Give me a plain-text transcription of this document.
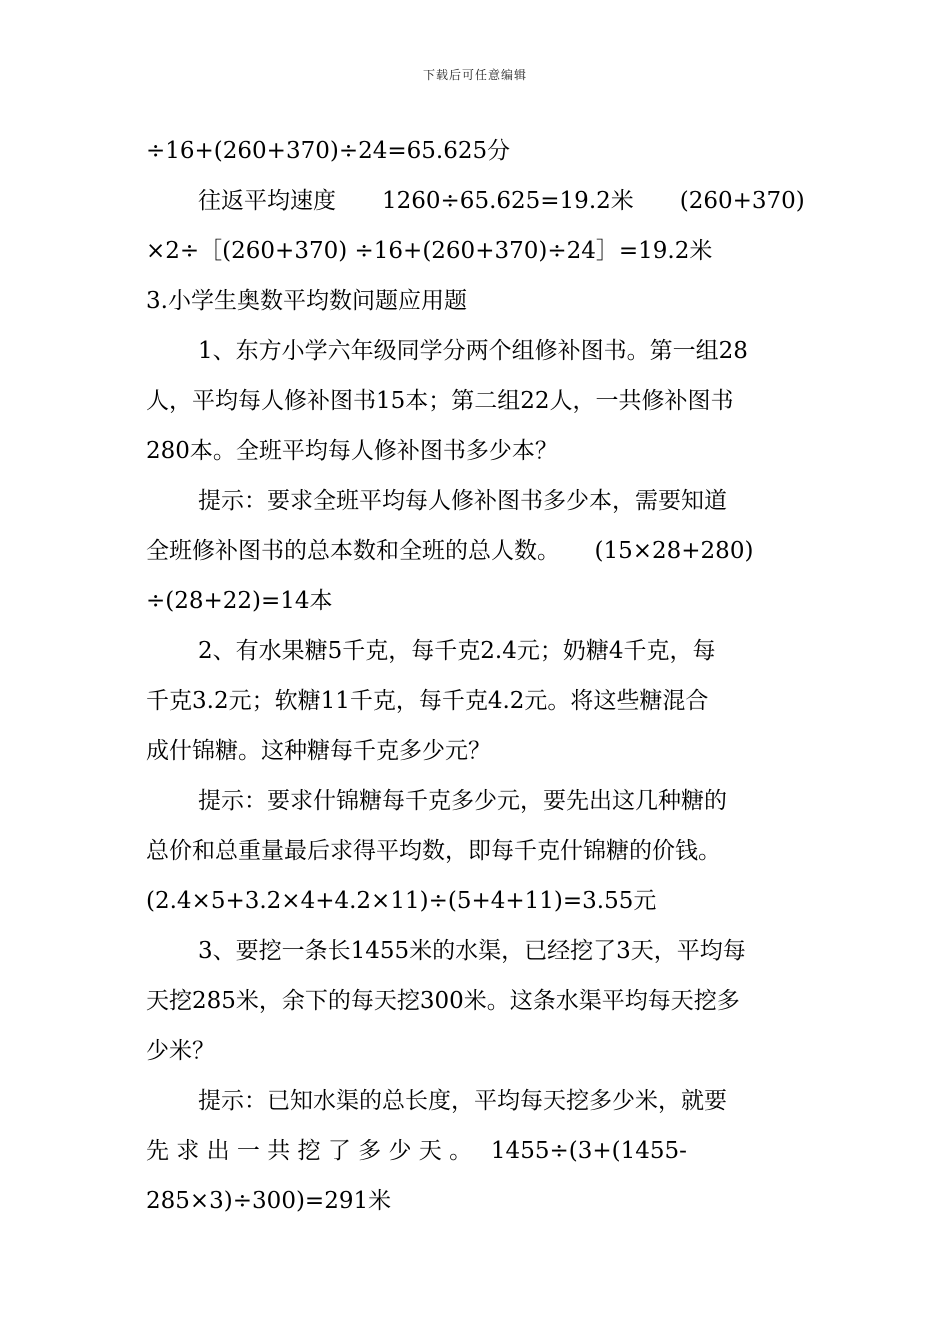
下载后可任意编辑
÷16+(260+370)÷24=65.625分
往返平均速度　　1260÷65.625=19.2米　　(260+370)
×2÷［(260+370) ÷16+(260+370)÷24］=19.2米
3.小学生奥数平均数问题应用题
1、东方小学六年级同学分两个组修补图书。第一组28
人，平均每人修补图书15本；第二组22人，一共修补图书
280本。全班平均每人修补图书多少本？
提示：要求全班平均每人修补图书多少本，需要知道
全班修补图书的总本数和全班的总人数。　　(15×28+280)
÷(28+22)=14本
2、有水果糖5千克，每千克2.4元；奶糖4千克，每
千克3.2元；软糖11千克，每千克4.2元。将这些糖混合
成什锦糖。这种糖每千克多少元？
提示：要求什锦糖每千克多少元，要先出这几种糖的
总价和总重量最后求得平均数，即每千克什锦糖的价钱。
(2.4×5+3.2×4+4.2×11)÷(5+4+11)=3.55元
3、要挖一条长1455米的水渠，已经挖了3天，平均每
天挖285米，余下的每天挖300米。这条水渠平均每天挖多
少米？
提示：已知水渠的总长度，平均每天挖多少米，就要
先 求 出 一 共 挖 了 多 少 天 。　 1455÷(3+(1455-
285×3)÷300)=291米
